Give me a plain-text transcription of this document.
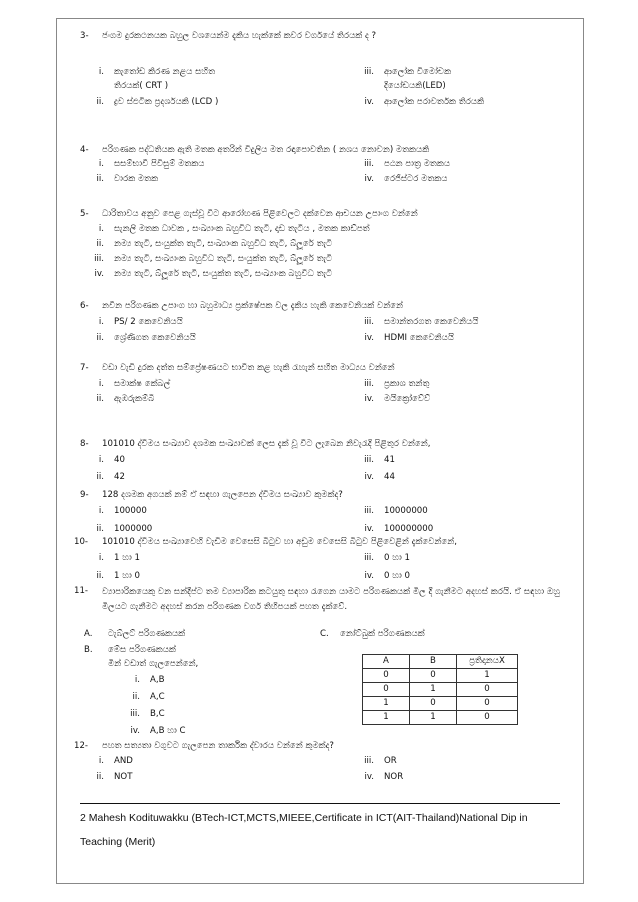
3-	ජංගම දුරකථනයක බහුල වශයෙන්ම දැකිය හැක්කේ කවර වර්ගයේ තිරයක් ද ?
i.	කැතෝඩ කිරණ නළය සහිත	iii.	ආලෝක විමෝචක
තිරයක්( CRT )	දියෝඩයකි(LED)
ii.	ද්‍රව ස්ඵටික ප්‍රදර්ශයකි (LCD )	iv.	ආලෝක පරාවර්තක තිරයකි
4-	පරිගණක පද්ධතියක ඇති මතක අතරින් විදුලිය මත රඳාපොවතින ( නශය නොවන) මතකයකි
i.	සසම්භාවී පිවිසුම් මතකය	iii.	පඨන පාත්‍ර මතකය
ii.	වාරක මතක	iv.	රෙජිස්ටර මතකය
5-	ධාරිතාවය අනුව පෙළ ගැස්වූ විට ආරෝහණ පිළිවෙලට දක්වෙන ආචයන උපාංග වන්නේ
i.	සැනලි මතක ධාවක , සංඛ්‍යාංක බහුවිධ තැටි, දෘඩ තැටිය , මතක කාඩ්පත්
ii.	නම්‍ය තැටි, සංයුක්ත තැටි, සංඛ්‍යාංක බහුවිධ තැටි, බ්ලූරේ තැටි
iii.	නම්‍ය තැටි, සංඛ්‍යාංක බහුවිධ තැටි, සංයුක්ත තැටි, බ්ලූරේ තැටි
iv.	නම්‍ය තැටි, බ්ලූරේ තැටි, සංයුක්ත තැටි, සංඛ්‍යාංක බහුවිධ තැටි
6-	නවීන පරිගණක උපාංග හා බහුමාධ්‍ය ප්‍රක්ෂේපක වල දැකිය හැකි කෙවෙනියක් වන්නේ
i.	PS/ 2 කෙවෙනියයි	iii.	සමාන්තරගත කෙවෙනියයි
ii.	ශ්‍රේණිගත කෙවෙනියයි	iv.	HDMI කෙවෙනියයි
7-	වඩා වැඩි දුරක දත්ත සම්ප්‍රේෂණයට භාවිත කළ හැකි රැහැන් සහිත මාධ්‍යය වන්නේ
i.	සමාක්ෂ කේබල්	iii.	ප්‍රකාශ තන්තු
ii.	ඇඹරුකම්බි	iv.	මයික්‍රෝවේව්
8-	101010 ද්විමය සංඛ්‍යාව දශමක සංඛ්‍යාවක් ලෙස දැක් වූ විට ලැබෙන නිවැරැදි පිළිතුර වන්නේ,
i.	40	iii.	41
ii.	42	iv.	44
9-	128 දශමක අගයක් නම් ඒ සඳහා ගැලපෙන ද්විමය සංඛ්‍යාව කුමක්ද?
i.	100000	iii.	10000000
ii.	1000000	iv.	100000000
10-	101010 ද්විමය සංඛ්‍යාවෙහි වැඩිම වෙසෙසි බිටුව හා අඩුම වෙසෙසි බිටුව පිළිවෙළින් දැක්වෙන්නේ,
i.	1 හා 1	iii.	0 හා 1
ii.	1 හා 0	iv.	0 හා 0
11-	ව්‍යාපාරිකයෙකු වන සන්දීප්ට තම ව්‍යාපාරික කටයුතු සඳහා රැගෙන යාමට පරිගණකයක් මිල දී ගැනීමට අදහස් කරයි. ඒ සඳහා ඔහු මිලයට ගැනීමට අදහස් කරන පරිගණක වර්ග තිහිපයක් පහත දැක්වේ.
A.	ටැබ්ලට් පරිගණකයක්	C.	නෝට්බුක් පරිගණකයක්
B.	මේස පරිගණකයක්
මින් වඩාත් ගැලපෙන්නේ,
i.	A,B
ii.	A,C
iii.	B,C
iv.	A,B හා C
A	B	ප්‍රතිදානයX
0	0	1
0	1	0
1	0	0
1	1	0
12-	පහත සත්‍යතා වගුවට ගැලපෙන තාර්කික ද්වාරය වන්නේ කුමක්ද?
i.	AND	iii.	OR
ii.	NOT	iv.	NOR
2 Mahesh Kodituwakku (BTech-ICT,MCTS,MIEEE,Certificate in ICT(AIT-Thailand)National Dip in
Teaching (Merit)
